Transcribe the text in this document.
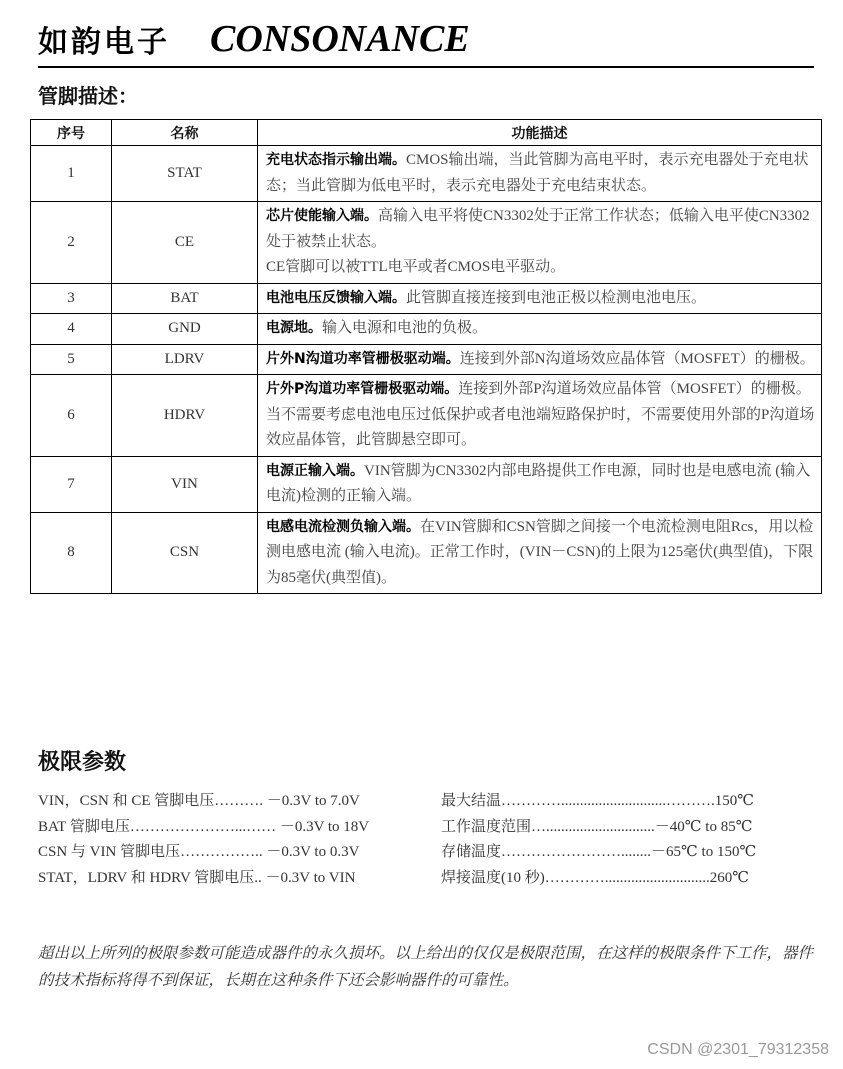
如韵电子 CONSONANCE
管脚描述：
序号	名称	功能描述
1	STAT	充电状态指示输出端。CMOS输出端，当此管脚为高电平时，表示充电器处于充电状态；当此管脚为低电平时，表示充电器处于充电结束状态。
2	CE	芯片使能输入端。高输入电平将使CN3302处于正常工作状态；低输入电平使CN3302处于被禁止状态。
CE管脚可以被TTL电平或者CMOS电平驱动。

3	BAT	电池电压反馈输入端。此管脚直接连接到电池正极以检测电池电压。
4	GND	电源地。输入电源和电池的负极。
5	LDRV	片外N沟道功率管栅极驱动端。连接到外部N沟道场效应晶体管（MOSFET）的栅极。
6	HDRV	片外P沟道功率管栅极驱动端。连接到外部P沟道场效应晶体管（MOSFET）的栅极。
当不需要考虑电池电压过低保护或者电池端短路保护时，不需要使用外部的P沟道场效应晶体管，此管脚悬空即可。

7	VIN	电源正输入端。VIN管脚为CN3302内部电路提供工作电源，同时也是电感电流 (输入电流)检测的正输入端。
8	CSN	电感电流检测负输入端。在VIN管脚和CSN管脚之间接一个电流检测电阻Rcs，用以检测电感电流 (输入电流)。正常工作时，(VIN－CSN)的上限为125毫伏(典型值)，下限为85毫伏(典型值)。
极限参数
VIN，CSN 和 CE 管脚电压………. －0.3V to 7.0V
BAT 管脚电压…………………...…… －0.3V to 18V
CSN 与 VIN 管脚电压…………….. －0.3V to 0.3V
STAT，LDRV 和 HDRV 管脚电压.. －0.3V to VIN
最大结温…………............................……….150℃
工作温度范围….............................－40℃ to 85℃
存储温度……………………........－65℃ to 150℃
焊接温度(10 秒)…………............................260℃
超出以上所列的极限参数可能造成器件的永久损坏。以上给出的仅仅是极限范围，在这样的极限条件下工作，器件的技术指标将得不到保证，长期在这种条件下还会影响器件的可靠性。
CSDN @2301_79312358
